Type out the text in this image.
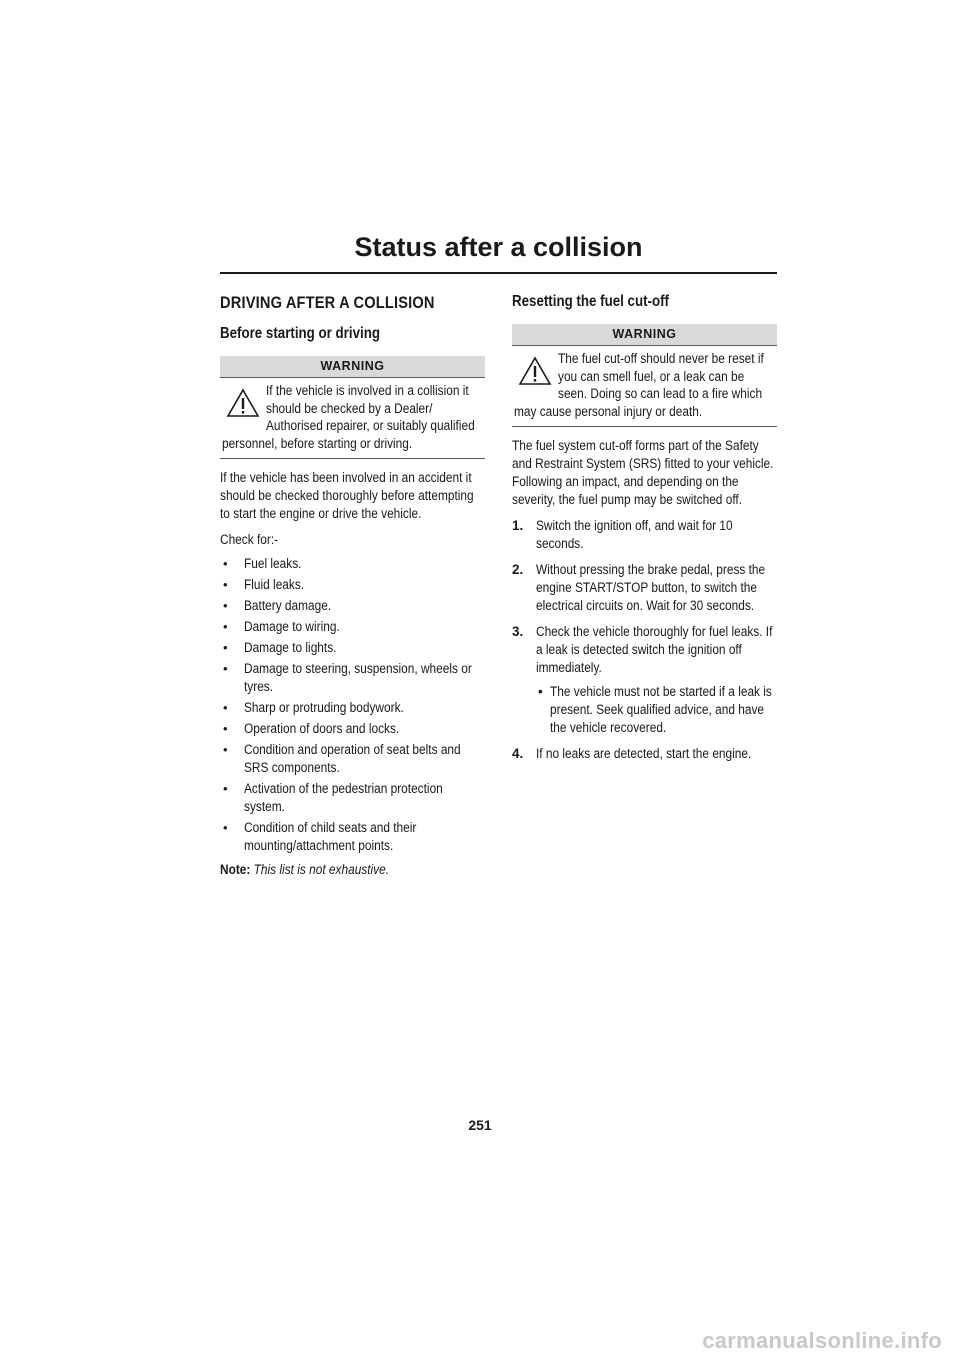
Status after a collision
DRIVING AFTER A COLLISION
Before starting or driving
WARNING
If the vehicle is involved in a collision it should be checked by a Dealer/ Authorised repairer, or suitably qualified personnel, before starting or driving.

If the vehicle has been involved in an accident it should be checked thoroughly before attempting to start the engine or drive the vehicle.

Check for:-

• Fuel leaks.
• Fluid leaks.
• Battery damage.
• Damage to wiring.
• Damage to lights.
• Damage to steering, suspension, wheels or tyres.
• Sharp or protruding bodywork.
• Operation of doors and locks.
• Condition and operation of seat belts and SRS components.
• Activation of the pedestrian protection system.
• Condition of child seats and their mounting/attachment points.
Note: This list is not exhaustive.
Resetting the fuel cut-off
WARNING
The fuel cut-off should never be reset if you can smell fuel, or a leak can be seen. Doing so can lead to a fire which may cause personal injury or death.

The fuel system cut-off forms part of the Safety and Restraint System (SRS) fitted to your vehicle. Following an impact, and depending on the severity, the fuel pump may be switched off.

1. Switch the ignition off, and wait for 10 seconds.
2. Without pressing the brake pedal, press the engine START/STOP button, to switch the electrical circuits on. Wait for 30 seconds.
3. Check the vehicle thoroughly for fuel leaks. If a leak is detected switch the ignition off immediately.
• The vehicle must not be started if a leak is present. Seek qualified advice, and have the vehicle recovered.
4. If no leaks are detected, start the engine.
251
carmanualsonline.info
